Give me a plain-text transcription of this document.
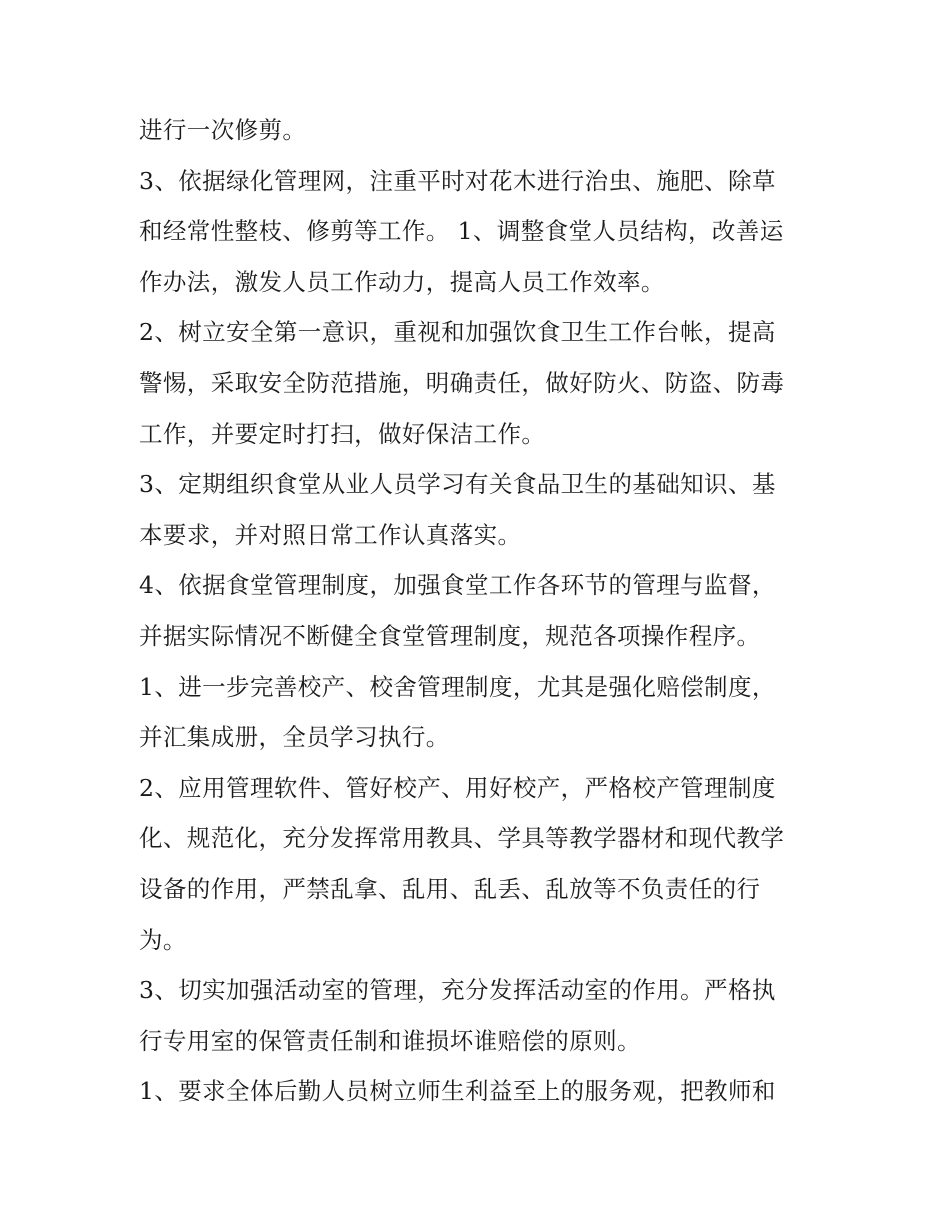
进行一次修剪。
3、依据绿化管理网，注重平时对花木进行治虫、施肥、除草
和经常性整枝、修剪等工作。 1、调整食堂人员结构，改善运
作办法，激发人员工作动力，提高人员工作效率。
2、树立安全第一意识，重视和加强饮食卫生工作台帐，提高
警惕，采取安全防范措施，明确责任，做好防火、防盗、防毒
工作，并要定时打扫，做好保洁工作。
3、定期组织食堂从业人员学习有关食品卫生的基础知识、基
本要求，并对照日常工作认真落实。
4、依据食堂管理制度，加强食堂工作各环节的管理与监督，
并据实际情况不断健全食堂管理制度，规范各项操作程序。
1、进一步完善校产、校舍管理制度，尤其是强化赔偿制度，
并汇集成册，全员学习执行。
2、应用管理软件、管好校产、用好校产，严格校产管理制度
化、规范化，充分发挥常用教具、学具等教学器材和现代教学
设备的作用，严禁乱拿、乱用、乱丢、乱放等不负责任的行
为。
3、切实加强活动室的管理，充分发挥活动室的作用。严格执
行专用室的保管责任制和谁损坏谁赔偿的原则。
1、要求全体后勤人员树立师生利益至上的服务观，把教师和
